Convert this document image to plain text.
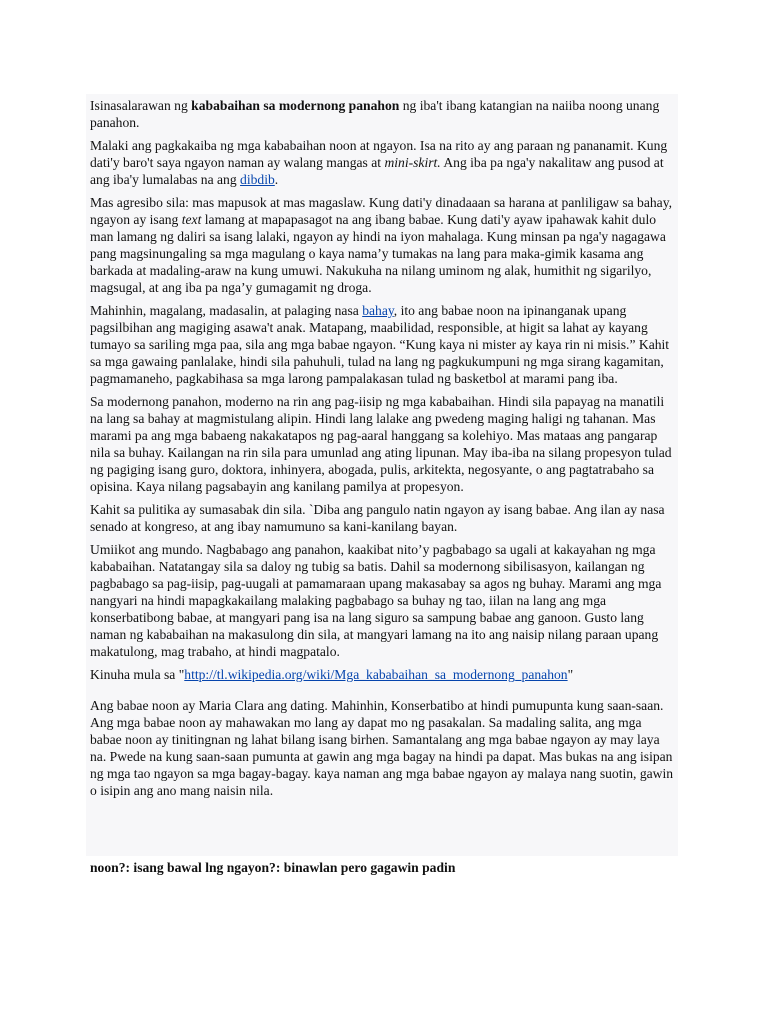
Isinasalarawan ng kababaihan sa modernong panahon ng iba't ibang katangian na naiiba noong unang panahon.

Malaki ang pagkakaiba ng mga kababaihan noon at ngayon. Isa na rito ay ang paraan ng pananamit. Kung dati'y baro't saya ngayon naman ay walang mangas at mini-skirt. Ang iba pa nga'y nakalitaw ang pusod at ang iba'y lumalabas na ang dibdib.

Mas agresibo sila: mas mapusok at mas magaslaw. Kung dati'y dinadaaan sa harana at panliligaw sa bahay, ngayon ay isang text lamang at mapapasagot na ang ibang babae. Kung dati'y ayaw ipahawak kahit dulo man lamang ng daliri sa isang lalaki, ngayon ay hindi na iyon mahalaga. Kung minsan pa nga'y nagagawa pang magsinungaling sa mga magulang o kaya nama’y tumakas na lang para maka-gimik kasama ang barkada at madaling-araw na kung umuwi. Nakukuha na nilang uminom ng alak, humithit ng sigarilyo, magsugal, at ang iba pa nga’y gumagamit ng droga.

Mahinhin, magalang, madasalin, at palaging nasa bahay, ito ang babae noon na ipinanganak upang pagsilbihan ang magiging asawa't anak. Matapang, maabilidad, responsible, at higit sa lahat ay kayang tumayo sa sariling mga paa, sila ang mga babae ngayon. “Kung kaya ni mister ay kaya rin ni misis.” Kahit sa mga gawaing panlalake, hindi sila pahuhuli, tulad na lang ng pagkukumpuni ng mga sirang kagamitan, pagmamaneho, pagkabihasa sa mga larong pampalakasan tulad ng basketbol at marami pang iba.

Sa modernong panahon, moderno na rin ang pag-iisip ng mga kababaihan. Hindi sila papayag na manatili na lang sa bahay at magmistulang alipin. Hindi lang lalake ang pwedeng maging haligi ng tahanan. Mas marami pa ang mga babaeng nakakatapos ng pag-aaral hanggang sa kolehiyo. Mas mataas ang pangarap nila sa buhay. Kailangan na rin sila para umunlad ang ating lipunan. May iba-iba na silang propesyon tulad ng pagiging isang guro, doktora, inhinyera, abogada, pulis, arkitekta, negosyante, o ang pagtatrabaho sa opisina. Kaya nilang pagsabayin ang kanilang pamilya at propesyon.

Kahit sa pulitika ay sumasabak din sila. `Diba ang pangulo natin ngayon ay isang babae. Ang ilan ay nasa senado at kongreso, at ang ibay namumuno sa kani-kanilang bayan.

Umiikot ang mundo. Nagbabago ang panahon, kaakibat nito’y pagbabago sa ugali at kakayahan ng mga kababaihan. Natatangay sila sa daloy ng tubig sa batis. Dahil sa modernong sibilisasyon, kailangan ng pagbabago sa pag-iisip, pag-uugali at pamamaraan upang makasabay sa agos ng buhay. Marami ang mga nangyari na hindi mapagkakailang malaking pagbabago sa buhay ng tao, iilan na lang ang mga konserbatibong babae, at mangyari pang isa na lang siguro sa sampung babae ang ganoon. Gusto lang naman ng kababaihan na makasulong din sila, at mangyari lamang na ito ang naisip nilang paraan upang makatulong, mag trabaho, at hindi magpatalo.

Kinuha mula sa "http://tl.wikipedia.org/wiki/Mga_kababaihan_sa_modernong_panahon"

Ang babae noon ay Maria Clara ang dating. Mahinhin, Konserbatibo at hindi pumupunta kung saan-saan. Ang mga babae noon ay mahawakan mo lang ay dapat mo ng pasakalan. Sa madaling salita, ang mga babae noon ay tinitingnan ng lahat bilang isang birhen. Samantalang ang mga babae ngayon ay may laya na. Pwede na kung saan-saan pumunta at gawin ang mga bagay na hindi pa dapat. Mas bukas na ang isipan ng mga tao ngayon sa mga bagay-bagay. kaya naman ang mga babae ngayon ay malaya nang suotin, gawin o isipin ang ano mang naisin nila.

noon?: isang bawal lng ngayon?: binawlan pero gagawin padin
